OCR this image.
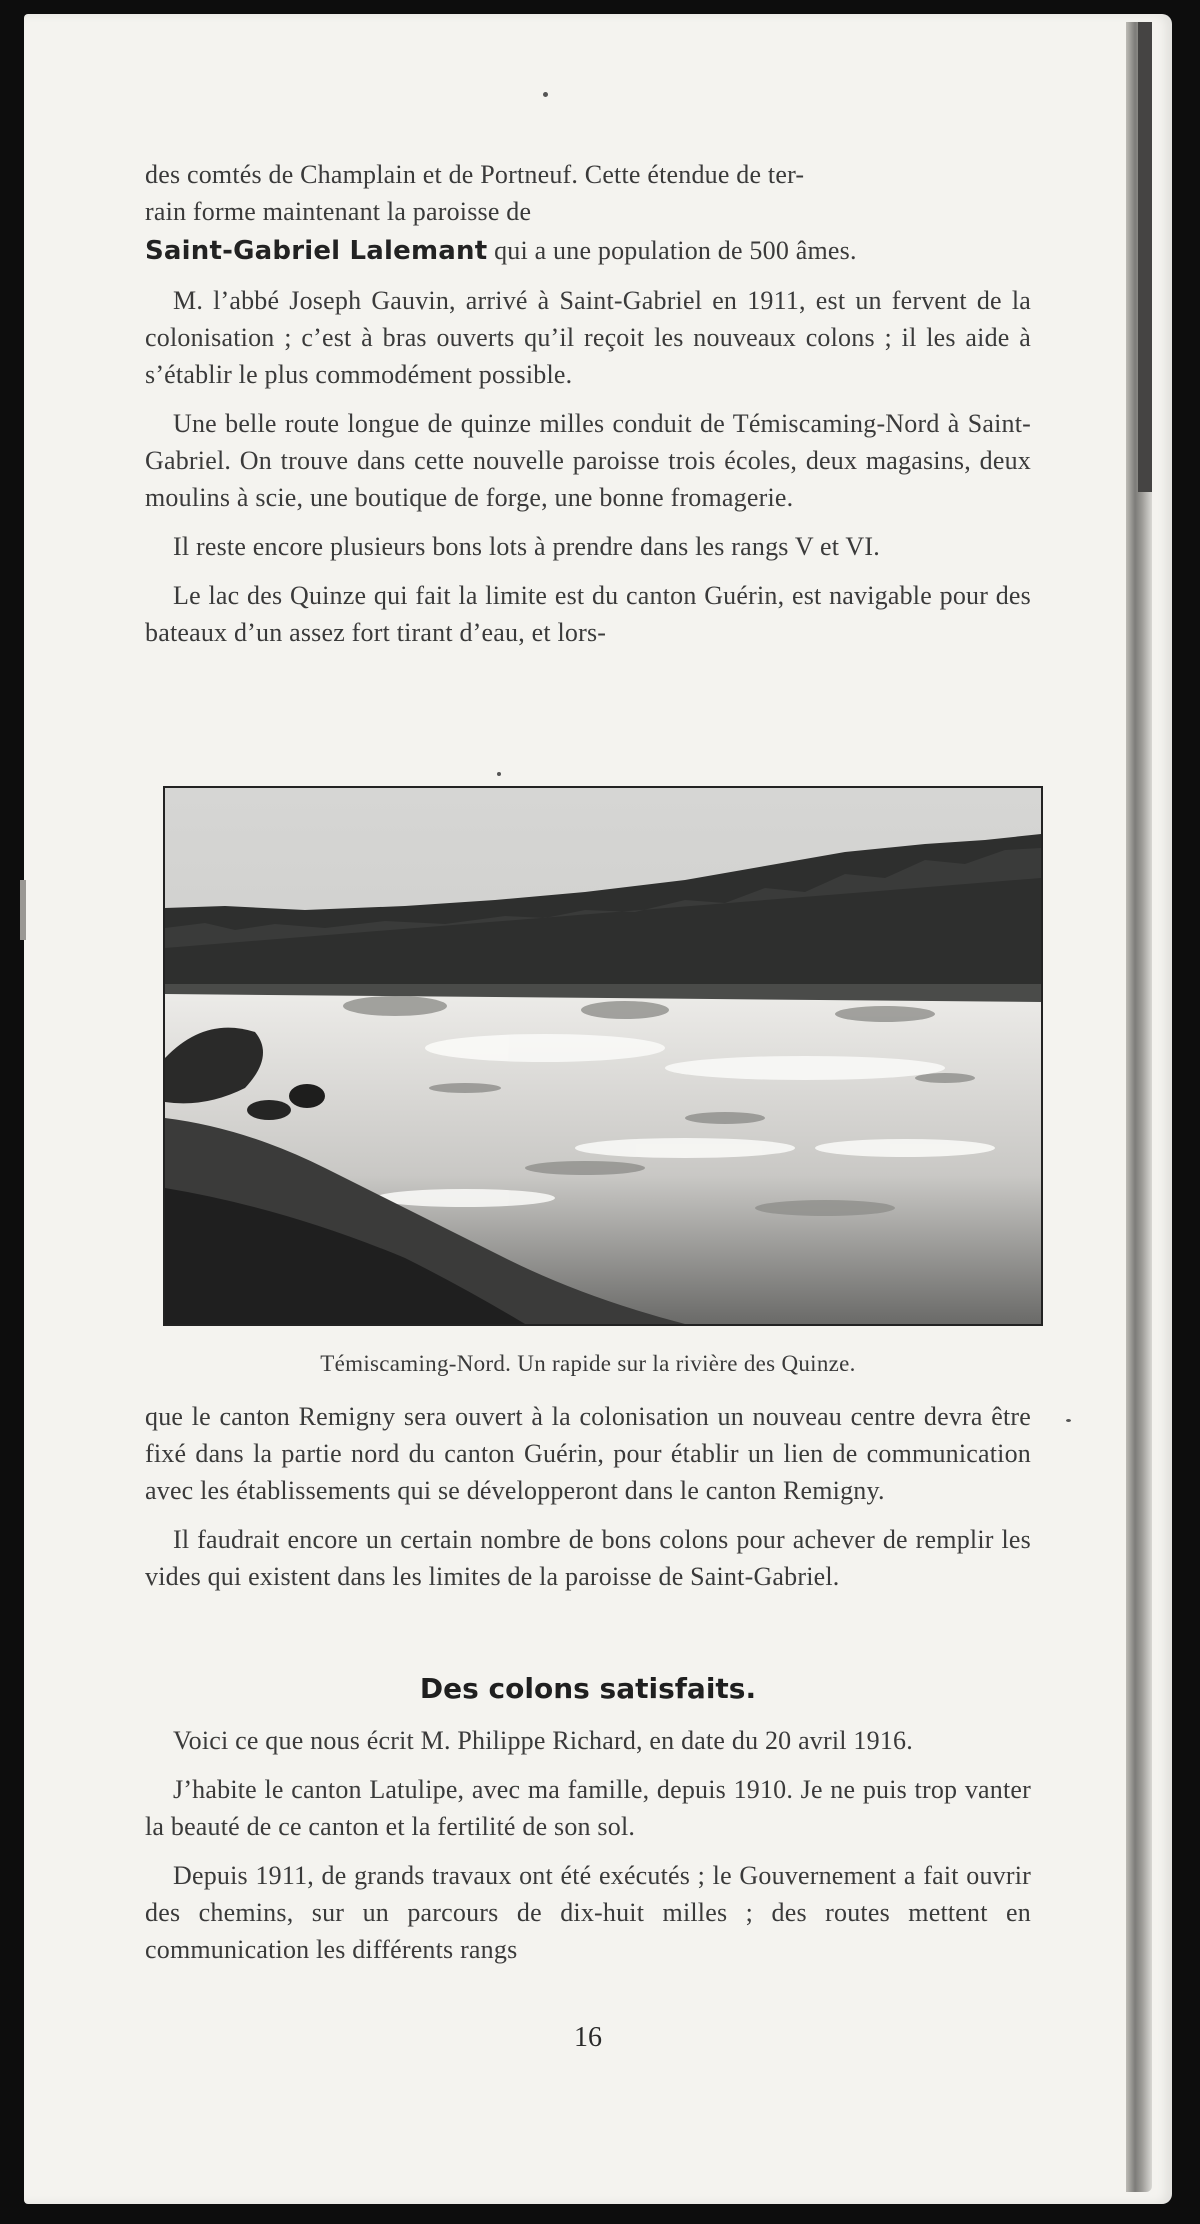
des comtés de Champlain et de Portneuf. Cette étendue de ter-
rain forme maintenant la paroisse de

Saint-Gabriel Lalemant qui a une population de 500 âmes.

M. l’abbé Joseph Gauvin, arrivé à Saint-Gabriel en 1911, est un fervent de la colonisation ; c’est à bras ouverts qu’il reçoit les nouveaux colons ; il les aide à s’établir le plus commodément possible.

Une belle route longue de quinze milles conduit de Témiscaming-Nord à Saint-Gabriel. On trouve dans cette nouvelle paroisse trois écoles, deux magasins, deux moulins à scie, une boutique de forge, une bonne fromagerie.

Il reste encore plusieurs bons lots à prendre dans les rangs V et VI.

Le lac des Quinze qui fait la limite est du canton Guérin, est navigable pour des bateaux d’un assez fort tirant d’eau, et lors-

Témiscaming-Nord. Un rapide sur la rivière des Quinze.

que le canton Remigny sera ouvert à la colonisation un nouveau centre devra être fixé dans la partie nord du canton Guérin, pour établir un lien de communication avec les établissements qui se développeront dans le canton Remigny.

Il faudrait encore un certain nombre de bons colons pour achever de remplir les vides qui existent dans les limites de la paroisse de Saint-Gabriel.

Des colons satisfaits.

Voici ce que nous écrit M. Philippe Richard, en date du 20 avril 1916.

J’habite le canton Latulipe, avec ma famille, depuis 1910. Je ne puis trop vanter la beauté de ce canton et la fertilité de son sol.

Depuis 1911, de grands travaux ont été exécutés ; le Gouvernement a fait ouvrir des chemins, sur un parcours de dix-huit milles ; des routes mettent en communication les différents rangs

16
